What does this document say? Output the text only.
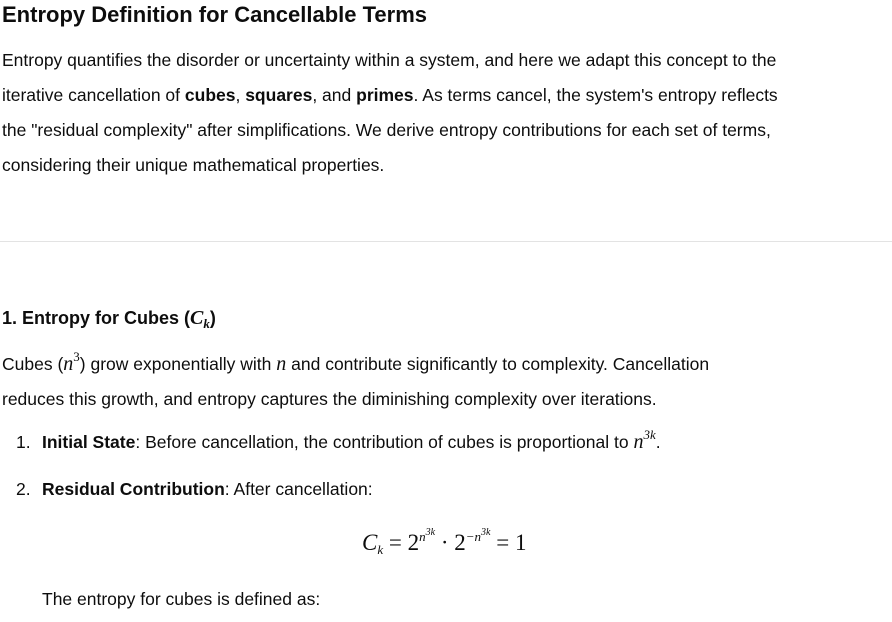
Entropy Definition for Cancellable Terms
Entropy quantifies the disorder or uncertainty within a system, and here we adapt this concept to the
iterative cancellation of cubes, squares, and primes. As terms cancel, the system's entropy reflects
the "residual complexity" after simplifications. We derive entropy contributions for each set of terms,
considering their unique mathematical properties.
1. Entropy for Cubes $(C_k)$
Cubes $(n^3)$ grow exponentially with n and contribute significantly to complexity. Cancellation
reduces this growth, and entropy captures the diminishing complexity over iterations.
1. Initial State: Before cancellation, the contribution of cubes is proportional to $n^{3k}$.
2. Residual Contribution: After cancellation:
$C_k = 2^{n^{3k}} \cdot 2^{-n^{3k}} = 1$
The entropy for cubes is defined as:
